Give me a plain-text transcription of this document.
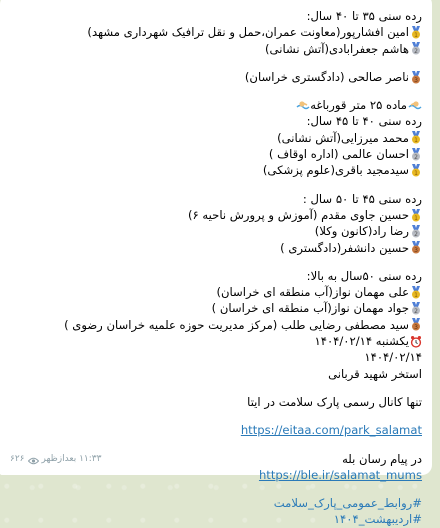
رده سنی ۳۵ تا ۴۰ سال:
1
امین افشارپور(معاونت عمران،حمل و نقل ترافیک شهرداری مشهد)
2
هاشم جعفرابادی(آتش نشانی)
3
ناصر صالحی (دادگستری خراسان)
ماده ۲۵ متر قورباغه
رده سنی ۴۰ تا ۴۵ سال:
1
محمد میرزایی(آتش نشانی)
2
احسان عالمی (اداره اوقاف )
1
سیدمجید باقری(علوم پزشکی)
رده سنی ۴۵ تا ۵۰ سال :
1
حسین جاوی مقدم (آموزش و پرورش ناحیه ۶)
2
رضا راد(کانون وکلا)
3
حسین دانشفر(دادگستری )
رده سنی ۵۰سال به بالا:
1
علی مهمان نواز(آب منطقه ای خراسان)
2
جواد مهمان نواز(آب منطقه ای خراسان )
3
سید مصطفی رضایی طلب (مرکز مدیریت حوزه علمیه خراسان رضوی )
یکشنبه ۱۴۰۴/۰۲/۱۴
۱۴۰۴/۰۲/۱۴
استخر شهید قربانی
تنها کانال رسمی پارک سلامت در ایتا
https://eitaa.com/park_salamat
در پیام رسان بله
https://ble.ir/salamat_mums
#روابط_عمومی_پارک_سلامت
#اردیبهشت_۱۴۰۴
۱۱:۳۳ بعدازظهر
۶۲۶
